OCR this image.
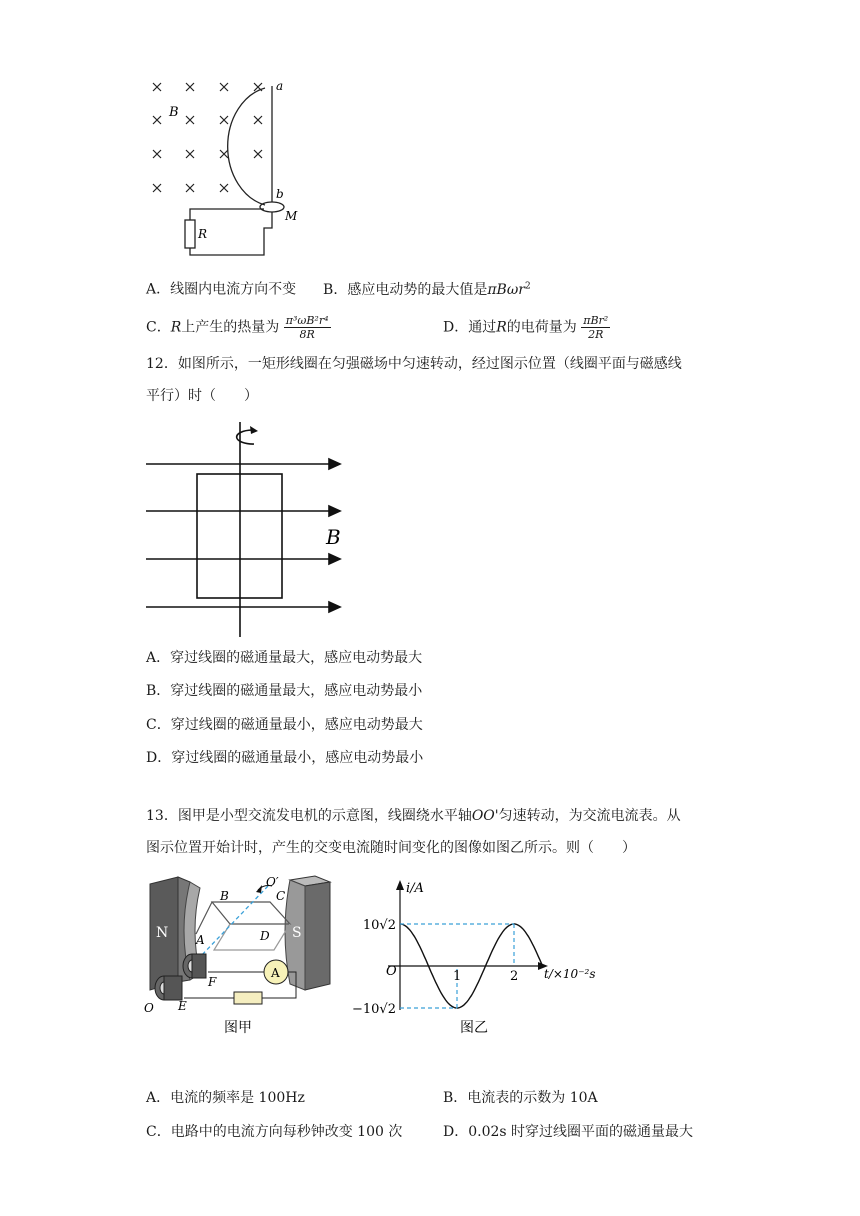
a
B
b
M
R
A．线圈内电流方向不变 B．感应电动势的最大值是πBωr$^2$
C．R上产生的热量为 $\frac{\text{π³ωB²r⁴}}{8R}$	D．通过R的电荷量为 $\frac{\text{πBr²}}{2R}$
12．如图所示，一矩形线圈在匀强磁场中匀速转动，经过图示位置（线圈平面与磁感线
平行）时（　　）
B
A．穿过线圈的磁通量最大，感应电动势最大
B．穿过线圈的磁通量最大，感应电动势最小
C．穿过线圈的磁通量最小，感应电动势最大
D．穿过线圈的磁通量最小，感应电动势最小
13．图甲是小型交流发电机的示意图，线圈绕水平轴OO'匀速转动，为交流电流表。从
图示位置开始计时，产生的交变电流随时间变化的图像如图乙所示。则（　　）
N	S
O′
B	C
A	D
F
E
O
A
图甲
i/A
O	t/×10⁻²s
图乙
10√2
−10√2
1	2
A．电流的频率是 100Hz	B．电流表的示数为 10A
C．电路中的电流方向每秒钟改变 100 次	D．0.02s 时穿过线圈平面的磁通量最大
